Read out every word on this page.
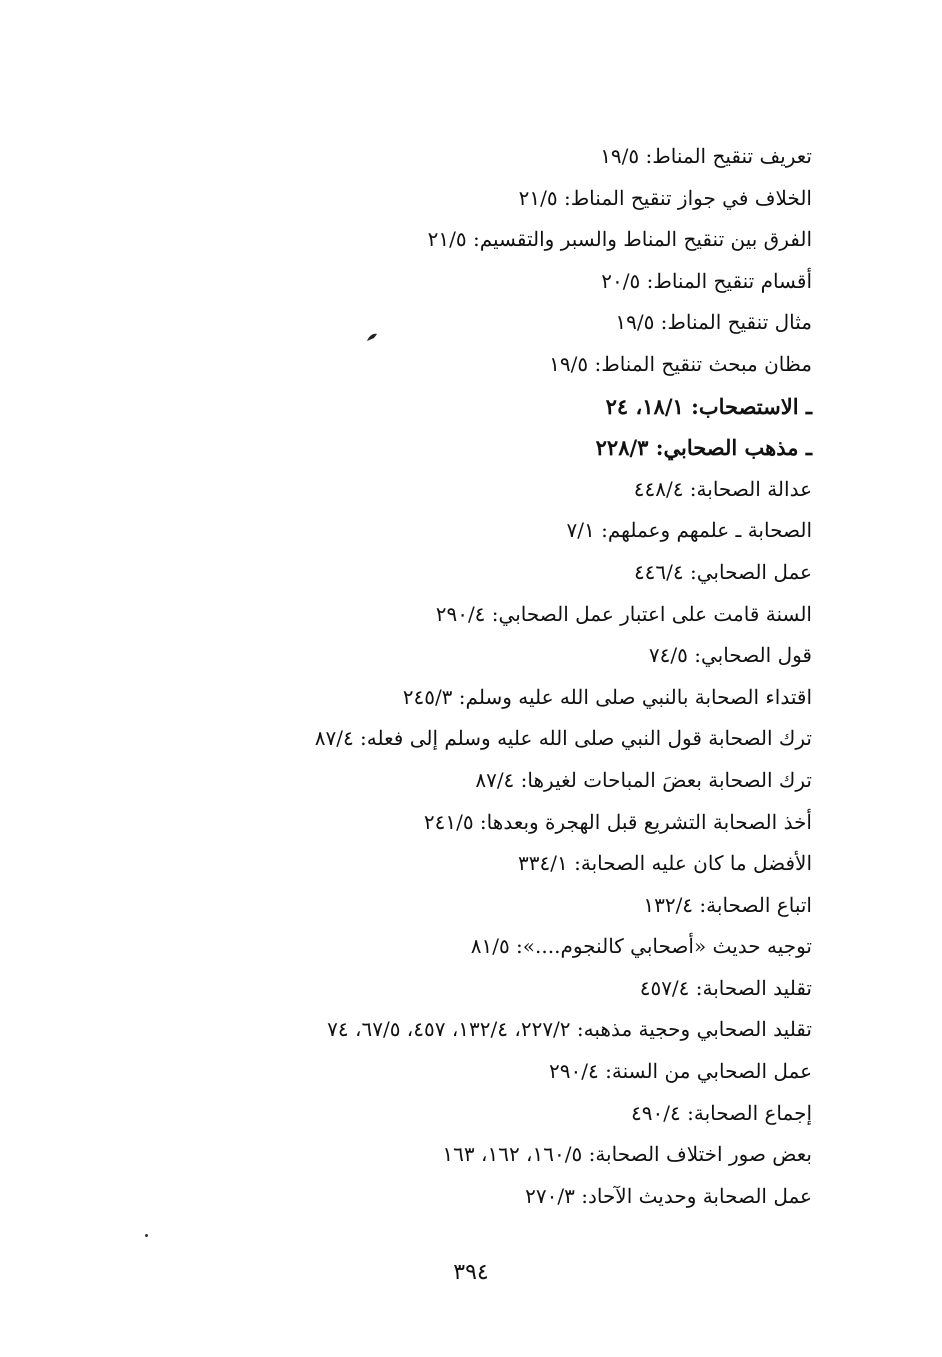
تعريف تنقيح المناط: ١٩/٥
الخلاف في جواز تنقيح المناط: ٢١/٥
الفرق بين تنقيح المناط والسبر والتقسيم: ٢١/٥
أقسام تنقيح المناط: ٢٠/٥
مثال تنقيح المناط: ١٩/٥
مظان مبحث تنقيح المناط: ١٩/٥
ـ الاستصحاب: ١٨/١، ٢٤
ـ مذهب الصحابي: ٢٢٨/٣
عدالة الصحابة: ٤٤٨/٤
الصحابة ـ علمهم وعملهم: ٧/١
عمل الصحابي: ٤٤٦/٤
السنة قامت على اعتبار عمل الصحابي: ٢٩٠/٤
قول الصحابي: ٧٤/٥
اقتداء الصحابة بالنبي صلى الله عليه وسلم: ٢٤٥/٣
ترك الصحابة قول النبي صلى الله عليه وسلم إلى فعله: ٨٧/٤
ترك الصحابة بعضَ المباحات لغيرها: ٨٧/٤
أخذ الصحابة التشريع قبل الهجرة وبعدها: ٢٤١/٥
الأفضل ما كان عليه الصحابة: ٣٣٤/١
اتباع الصحابة: ١٣٢/٤
توجيه حديث «أصحابي كالنجوم....»: ٨١/٥
تقليد الصحابة: ٤٥٧/٤
تقليد الصحابي وحجية مذهبه: ٢٢٧/٢، ١٣٢/٤، ٤٥٧، ٦٧/٥، ٧٤
عمل الصحابي من السنة: ٢٩٠/٤
إجماع الصحابة: ٤٩٠/٤
بعض صور اختلاف الصحابة: ١٦٠/٥، ١٦٢، ١٦٣
عمل الصحابة وحديث الآحاد: ٢٧٠/٣
٣٩٤
